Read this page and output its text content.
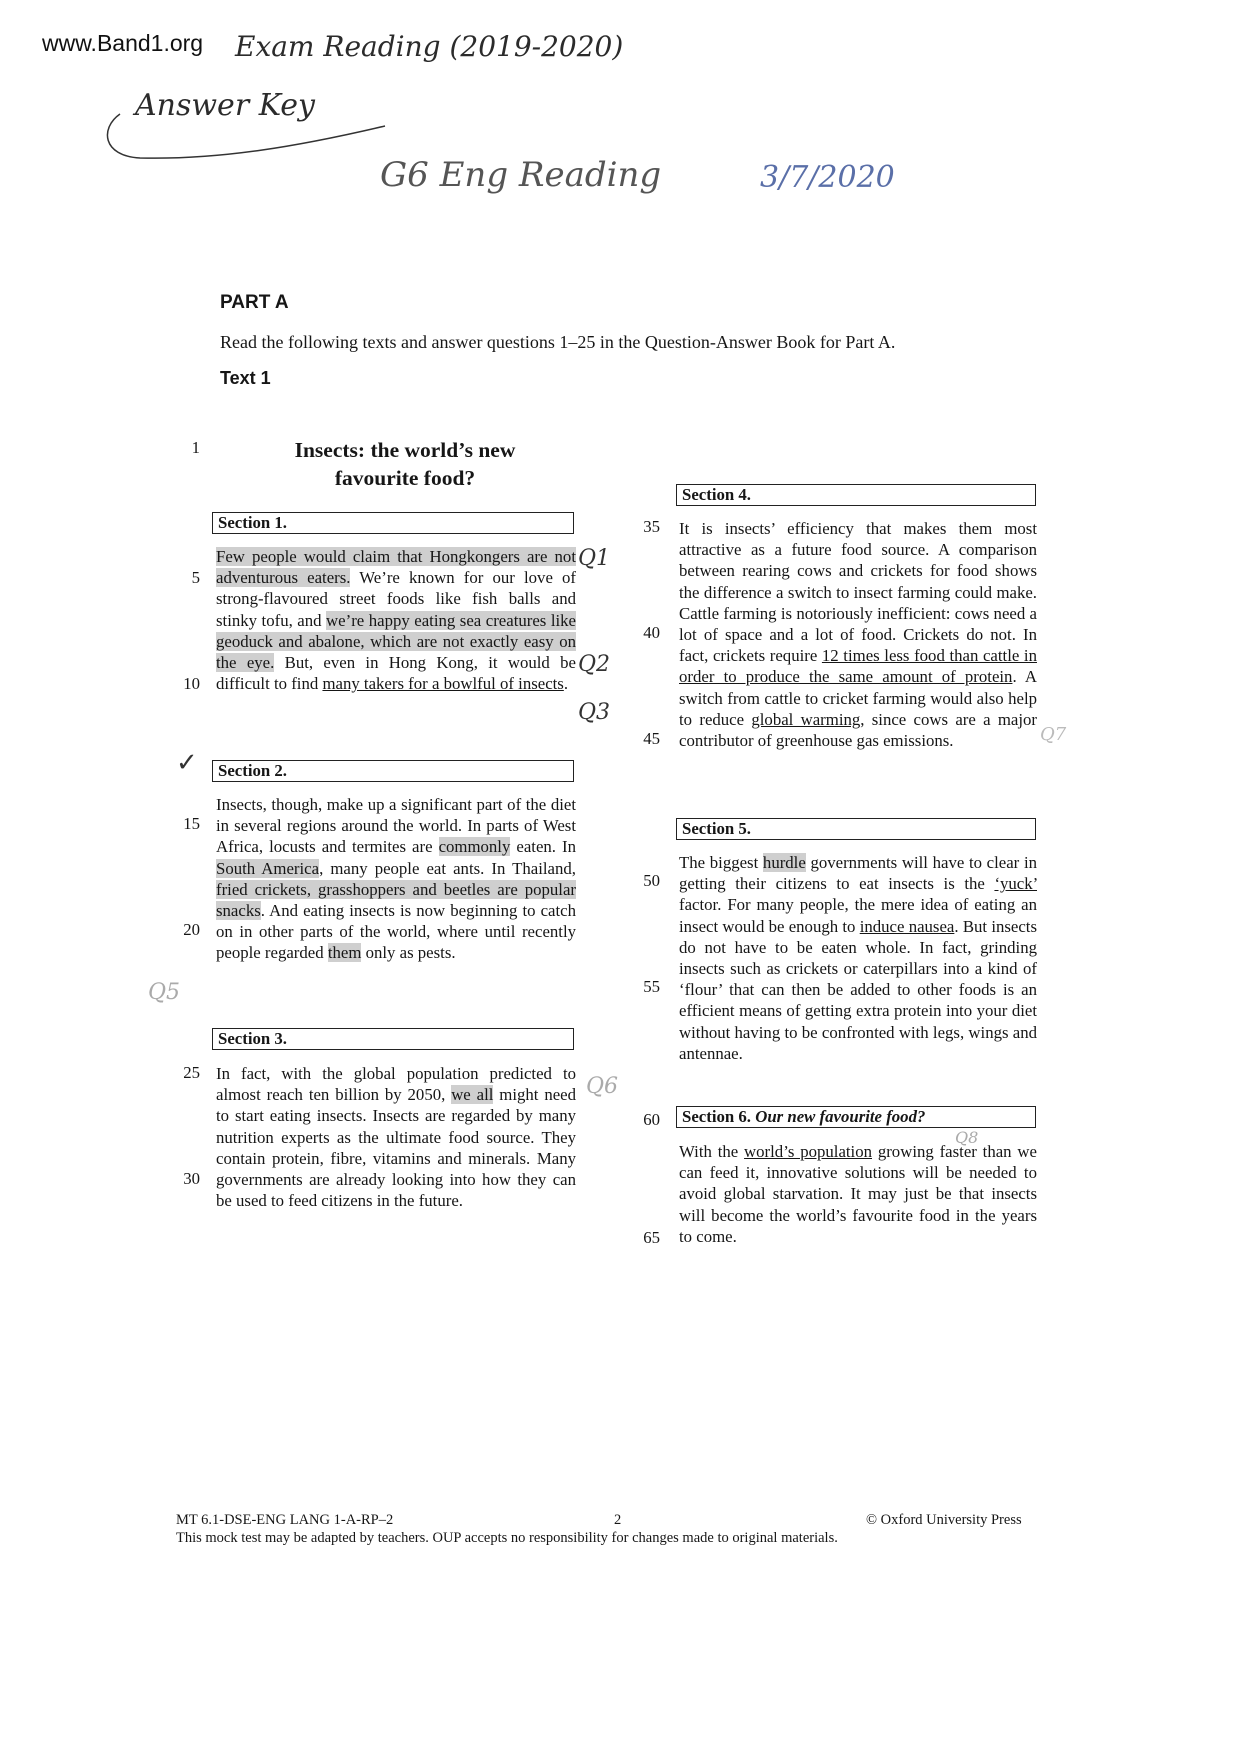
www.Band1.org Exam Reading (2019-2020)
Answer Key
G6 Eng Reading	3/7/2020
PART A
Read the following texts and answer questions 1–25 in the Question-Answer Book for Part A.
Text 1
Insects: the world’s new
favourite food?
1
5
10
15
20
25
30
35
40
45
50
55
60
65
Section 1.
Section 2.
Section 3.
Section 4.
Section 5.
Section 6. Our new favourite food?

Few people would claim that Hongkongers are not adventurous eaters. We’re known for our love of strong-flavoured street foods like fish balls and stinky tofu, and we’re happy eating sea creatures like geoduck and abalone, which are not exactly easy on the eye. But, even in Hong Kong, it would be difficult to find many takers for a bowlful of insects.

Insects, though, make up a significant part of the diet in several regions around the world. In parts of West Africa, locusts and termites are commonly eaten. In South America, many people eat ants. In Thailand, fried crickets, grasshoppers and beetles are popular snacks. And eating insects is now beginning to catch on in other parts of the world, where until recently people regarded them only as pests.

In fact, with the global population predicted to almost reach ten billion by 2050, we all might need to start eating insects. Insects are regarded by many nutrition experts as the ultimate food source. They contain protein, fibre, vitamins and minerals. Many governments are already looking into how they can be used to feed citizens in the future.

It is insects’ efficiency that makes them most attractive as a future food source. A comparison between rearing cows and crickets for food shows the difference a switch to insect farming could make. Cattle farming is notoriously inefficient: cows need a lot of space and a lot of food. Crickets do not. In fact, crickets require 12 times less food than cattle in order to produce the same amount of protein. A switch from cattle to cricket farming would also help to reduce global warming, since cows are a major contributor of greenhouse gas emissions.

The biggest hurdle governments will have to clear in getting their citizens to eat insects is the ‘yuck’ factor. For many people, the mere idea of eating an insect would be enough to induce nausea. But insects do not have to be eaten whole. In fact, grinding insects such as crickets or caterpillars into a kind of ‘flour’ that can then be added to other foods is an efficient means of getting extra protein into your diet without having to be confronted with legs, wings and antennae.

With the world’s population growing faster than we can feed it, innovative solutions will be needed to avoid global starvation. It may just be that insects will become the world’s favourite food in the years to come.

Q1
Q2
Q3
Q5
Q6
Q7
Q8
✓
MT 6.1-DSE-ENG LANG 1-A-RP–2	2	© Oxford University Press
This mock test may be adapted by teachers. OUP accepts no responsibility for changes made to original materials.
